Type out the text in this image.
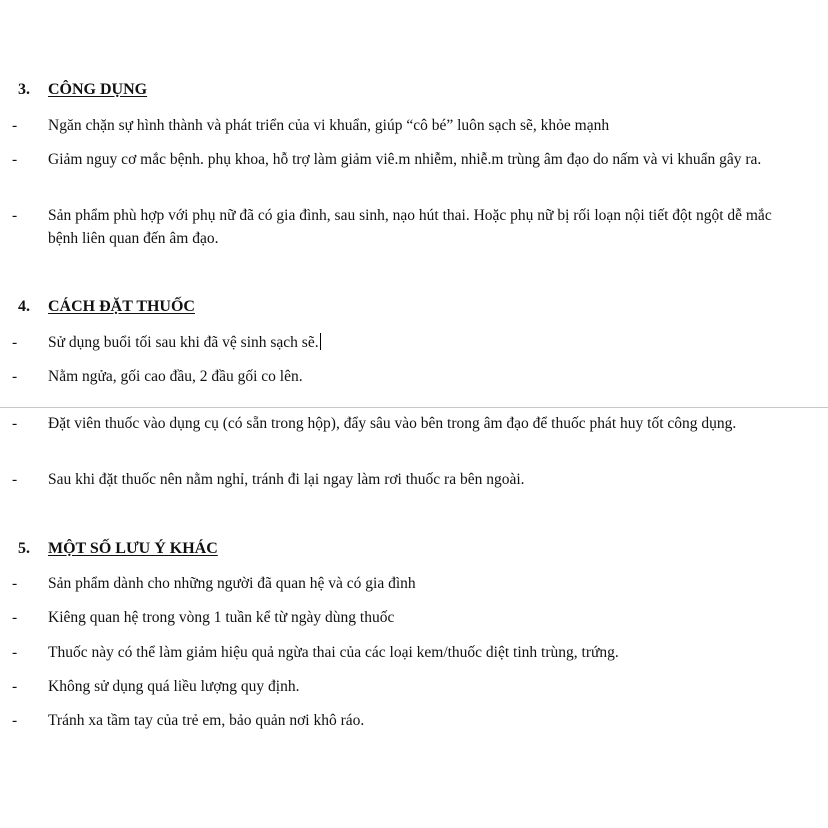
3. CÔNG DỤNG
- Ngăn chặn sự hình thành và phát triển của vi khuẩn, giúp “cô bé” luôn sạch sẽ, khỏe mạnh
- Giảm nguy cơ mắc bệnh. phụ khoa, hỗ trợ làm giảm viê.m nhiễm, nhiễ.m trùng âm đạo do nấm và vi khuẩn gây ra.
- Sản phẩm phù hợp với phụ nữ đã có gia đình, sau sinh, nạo hút thai. Hoặc phụ nữ bị rối loạn nội tiết đột ngột dễ mắc bệnh liên quan đến âm đạo.
4. CÁCH ĐẶT THUỐC
- Sử dụng buổi tối sau khi đã vệ sinh sạch sẽ.
- Nằm ngửa, gối cao đầu, 2 đầu gối co lên.
- Đặt viên thuốc vào dụng cụ (có sẵn trong hộp), đẩy sâu vào bên trong âm đạo để thuốc phát huy tốt công dụng.
- Sau khi đặt thuốc nên nằm nghỉ, tránh đi lại ngay làm rơi thuốc ra bên ngoài.
5. MỘT SỐ LƯU Ý KHÁC
- Sản phẩm dành cho những người đã quan hệ và có gia đình
- Kiêng quan hệ trong vòng 1 tuần kể từ ngày dùng thuốc
- Thuốc này có thể làm giảm hiệu quả ngừa thai của các loại kem/thuốc diệt tinh trùng, trứng.
- Không sử dụng quá liều lượng quy định.
- Tránh xa tầm tay của trẻ em, bảo quản nơi khô ráo.
